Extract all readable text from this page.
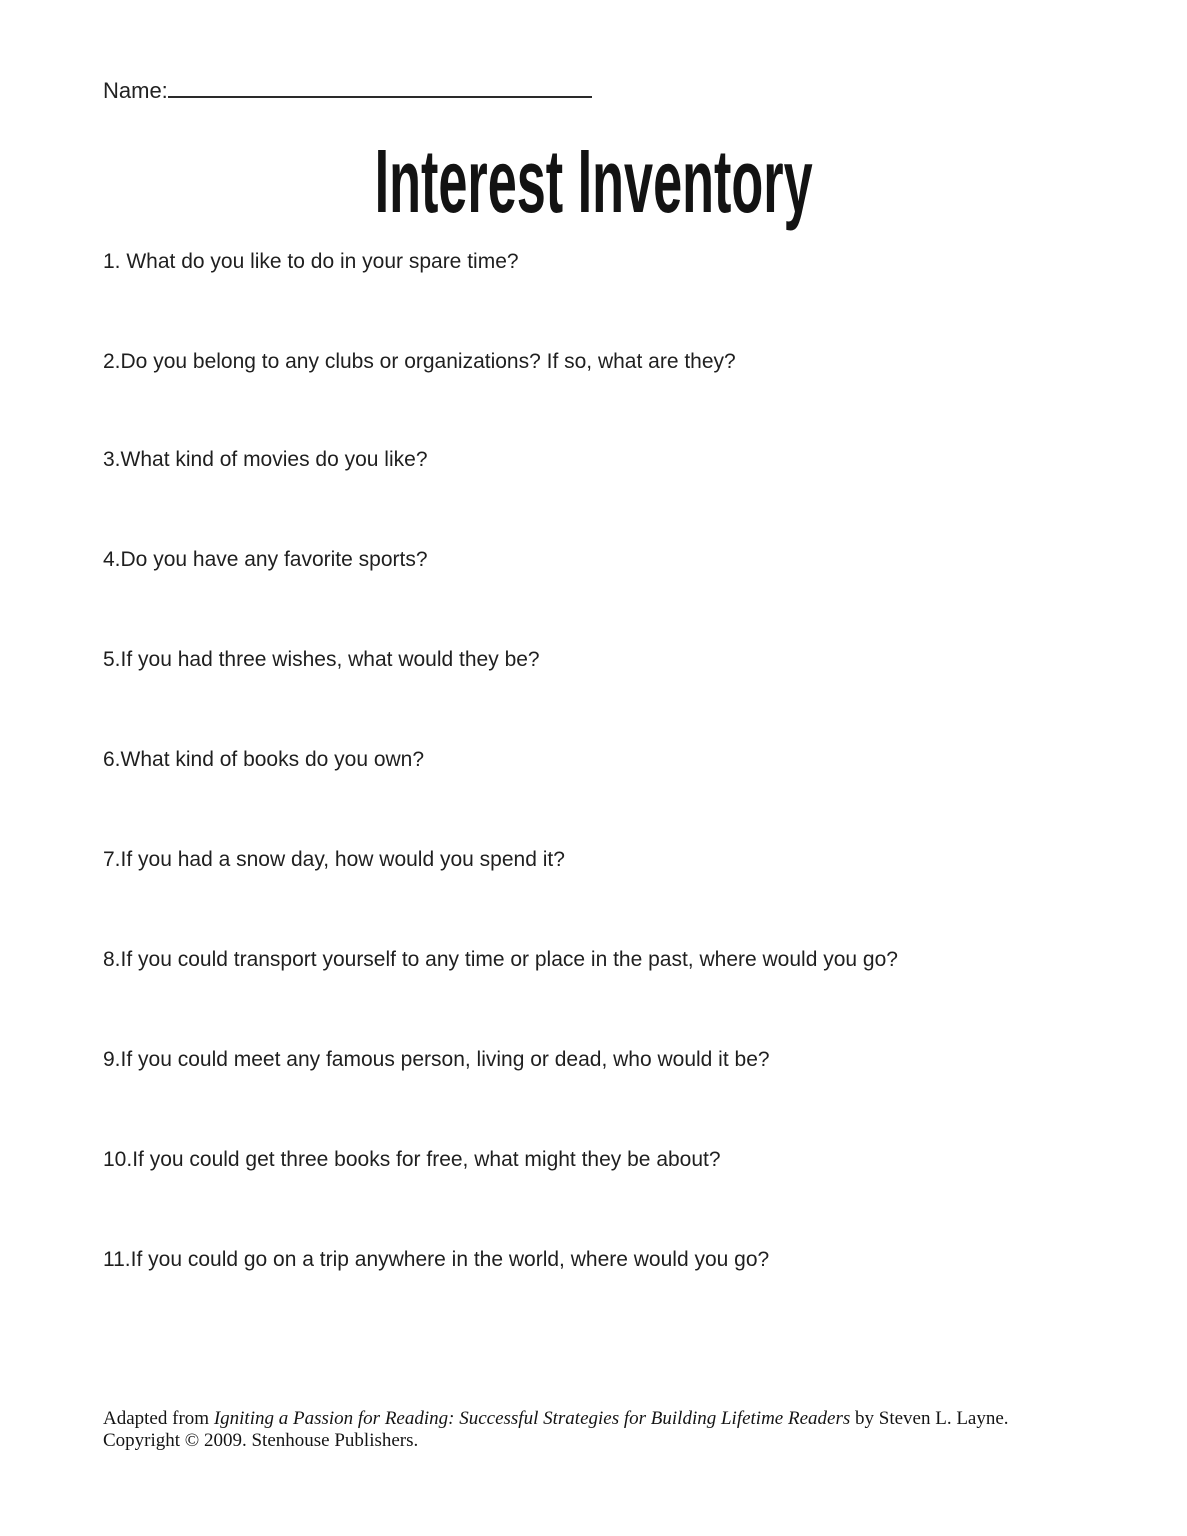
Name:
Interest Inventory
1. What do you like to do in your spare time?
2.Do you belong to any clubs or organizations? If so, what are they?
3.What kind of movies do you like?
4.Do you have any favorite sports?
5.If you had three wishes, what would they be?
6.What kind of books do you own?
7.If you had a snow day, how would you spend it?
8.If you could transport yourself to any time or place in the past, where would you go?
9.If you could meet any famous person, living or dead, who would it be?
10.If you could get three books for free, what might they be about?
11.If you could go on a trip anywhere in the world, where would you go?
Adapted from Igniting a Passion for Reading: Successful Strategies for Building Lifetime Readers by Steven L. Layne.
Copyright © 2009. Stenhouse Publishers.
